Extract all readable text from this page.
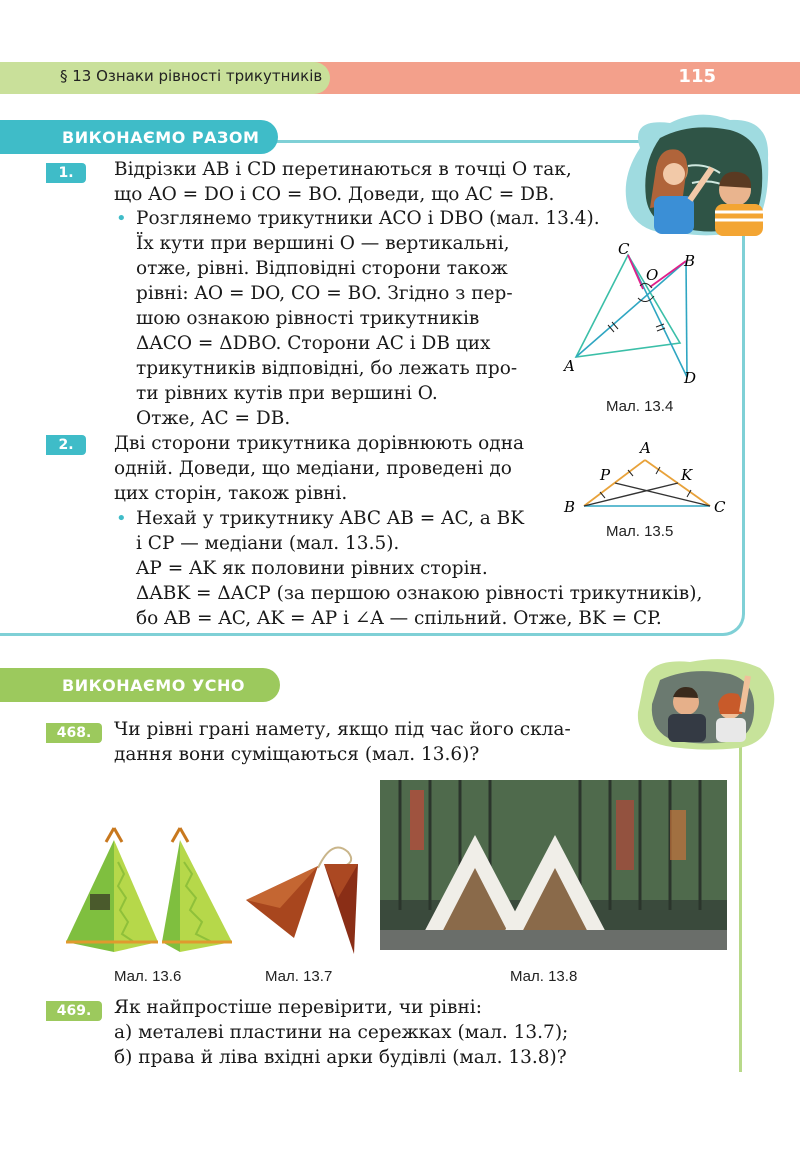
§ 13 Ознаки рівності трикутників	115
ВИКОНАЄМО РАЗОМ
1.	Відрізки AB і CD перетинаються в точці O так,
що AO = DO і CO = BO. Доведи, що AC = DB.
• Розглянемо трикутники ACO і DBO (мал. 13.4).
Їх кути при вершині O — вертикальні,
отже, рівні. Відповідні сторони також
рівні: AO = DO, CO = BO. Згідно з пер-
шою ознакою рівності трикутників
ΔACO = ΔDBO. Сторони AC і DB цих
трикутників відповідні, бо лежать про-
ти рівних кутів при вершині O.
Отже, AC = DB.
C
O
B
A
D
Мал. 13.4
2.	Дві сторони трикутника дорівнюють одна
одній. Доведи, що медіани, проведені до
цих сторін, також рівні.
• Нехай у трикутнику ABC AB = AC, а BK
і CP — медіани (мал. 13.5).
AP = AK як половини рівних сторін.
ΔABK = ΔACP (за першою ознакою рівності трикутників),
бо AB = AC, AK = AP і ∠A — спільний. Отже, BK = CP.
A
P	K
B	C
Мал. 13.5
ВИКОНАЄМО УСНО
468.	Чи рівні грані намету, якщо під час його скла-
дання вони суміщаються (мал. 13.6)?
Мал. 13.6	Мал. 13.7	Мал. 13.8
469.	Як найпростіше перевірити, чи рівні:
а) металеві пластини на сережках (мал. 13.7);
б) права й ліва вхідні арки будівлі (мал. 13.8)?
